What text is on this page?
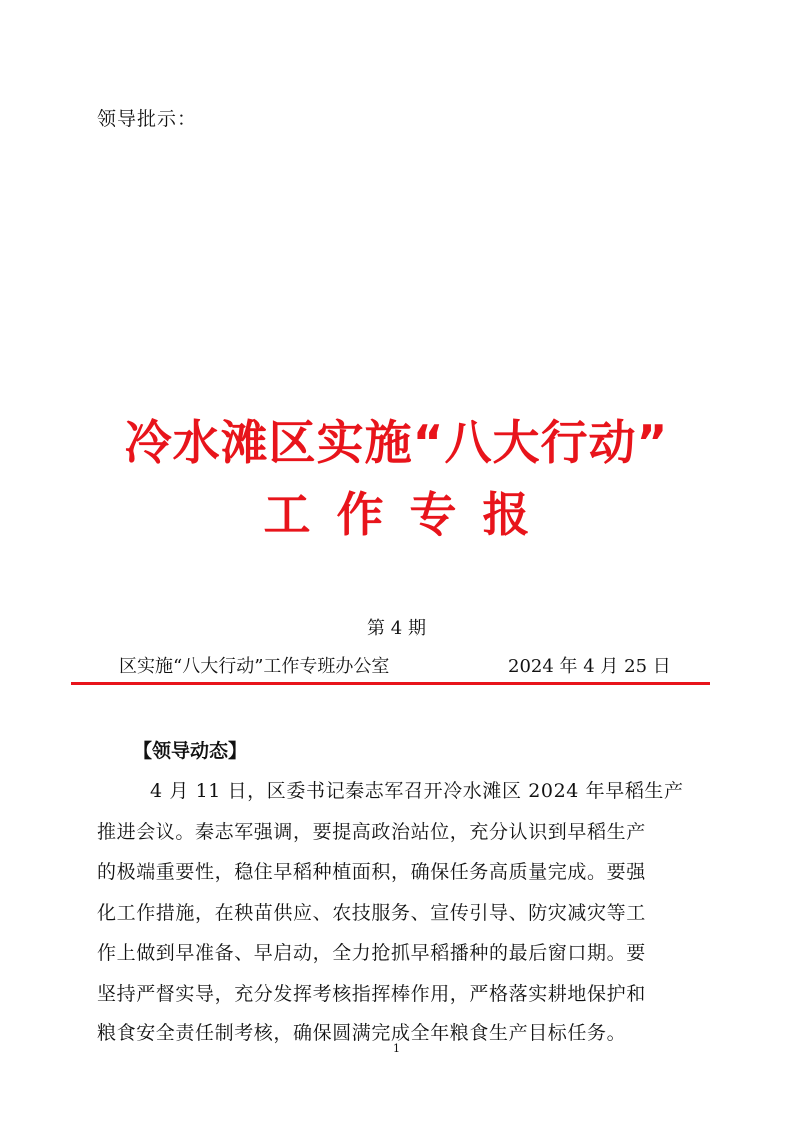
领导批示：
冷水滩区实施“八大行动”
工作专报
第 4 期
区实施“八大行动”工作专班办公室	2024 年 4 月 25 日
【领导动态】
4 月 11 日，区委书记秦志军召开冷水滩区 2024 年早稻生产
推进会议。秦志军强调，要提高政治站位，充分认识到早稻生产
的极端重要性，稳住早稻种植面积，确保任务高质量完成。要强
化工作措施，在秧苗供应、农技服务、宣传引导、防灾减灾等工
作上做到早准备、早启动，全力抢抓早稻播种的最后窗口期。要
坚持严督实导，充分发挥考核指挥棒作用，严格落实耕地保护和
粮食安全责任制考核，确保圆满完成全年粮食生产目标任务。
1
